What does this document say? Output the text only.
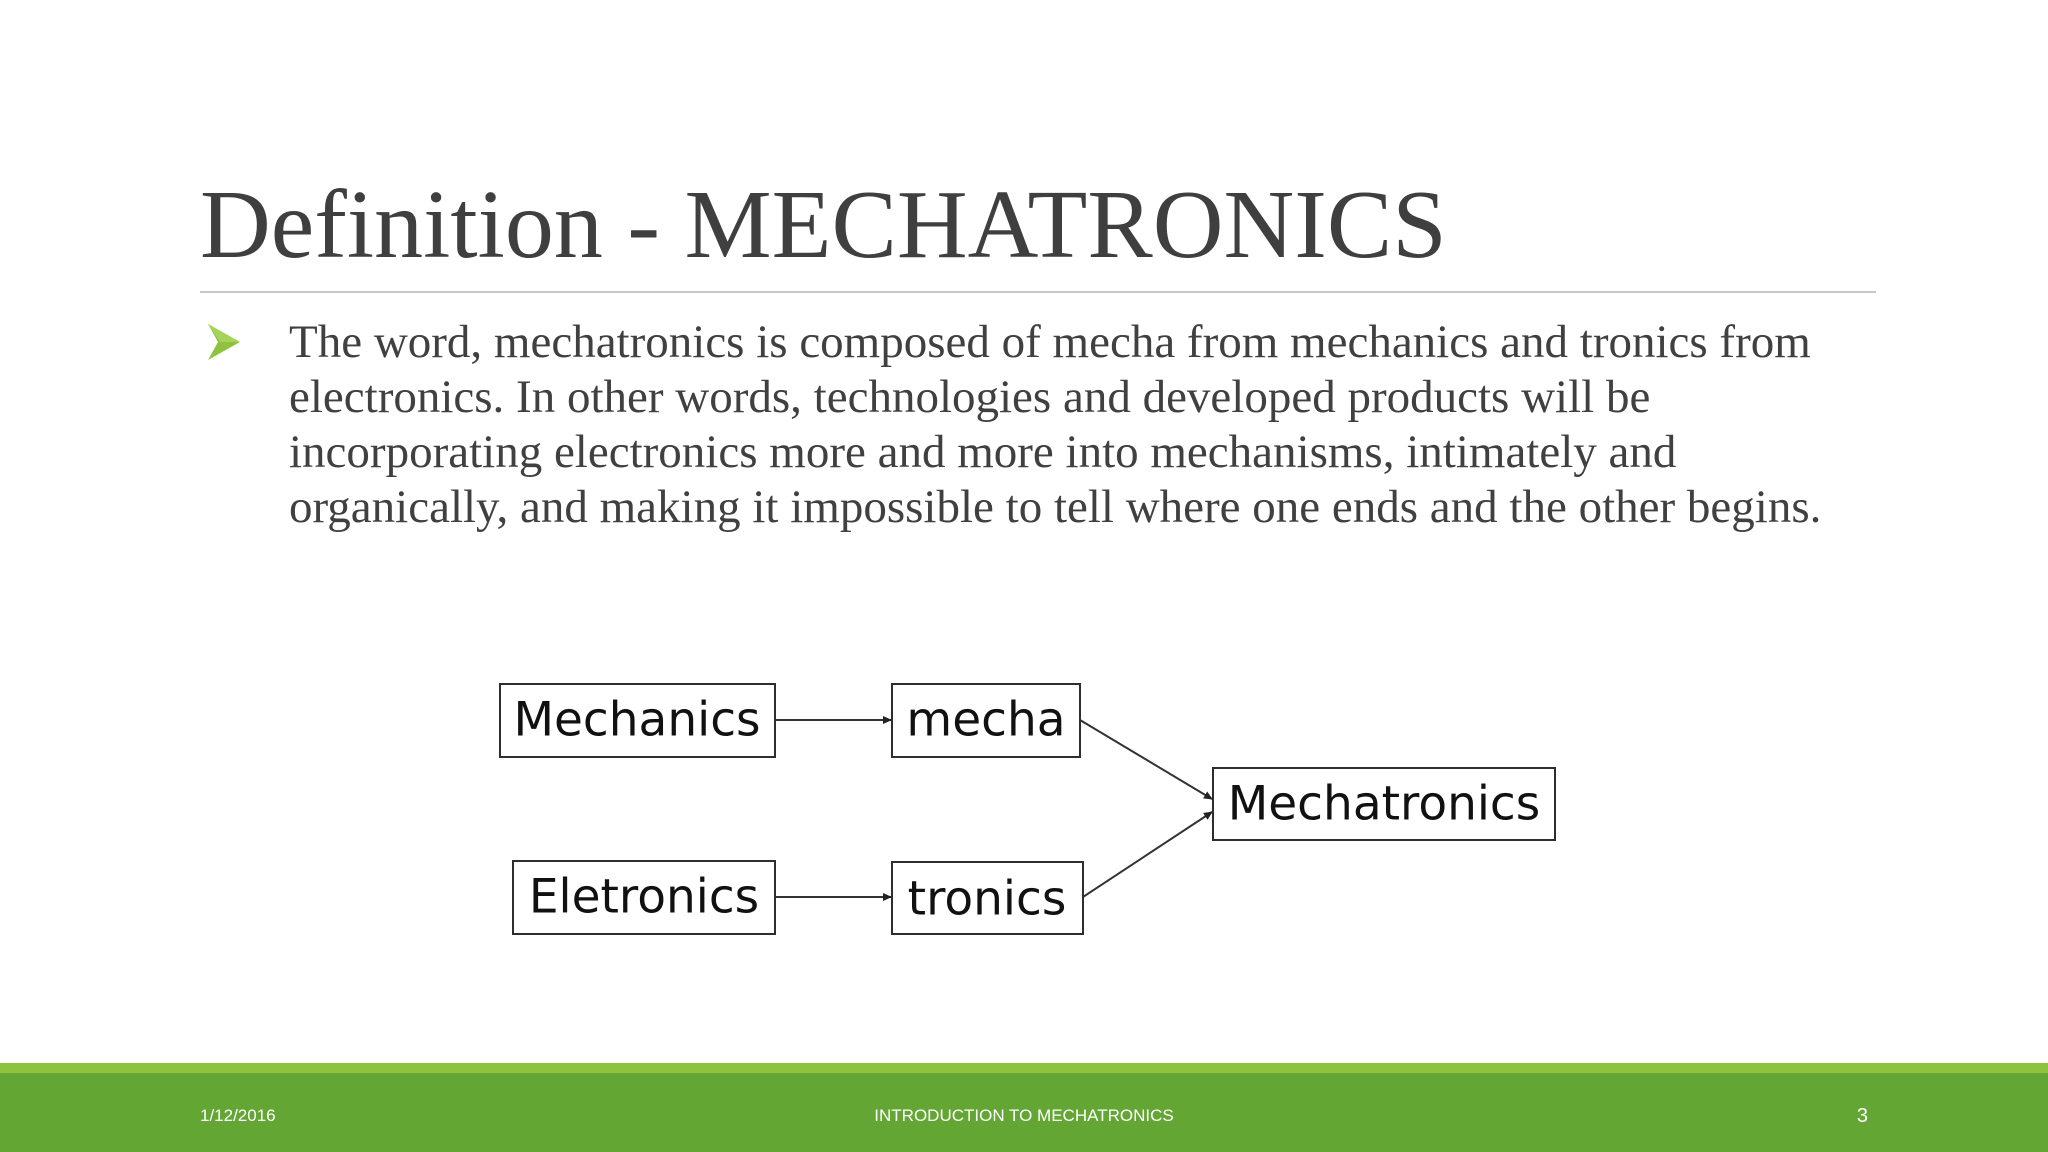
Definition - MECHATRONICS

The word, mechatronics is composed of mecha from mechanics and tronics from electronics. In other words, technologies and developed products will be incorporating electronics more and more into mechanisms, intimately and organically, and making it impossible to tell where one ends and the other begins.

Mechanics	mecha
Eletronics	tronics
Mechatronics
1/12/2016	INTRODUCTION TO MECHATRONICS	3
